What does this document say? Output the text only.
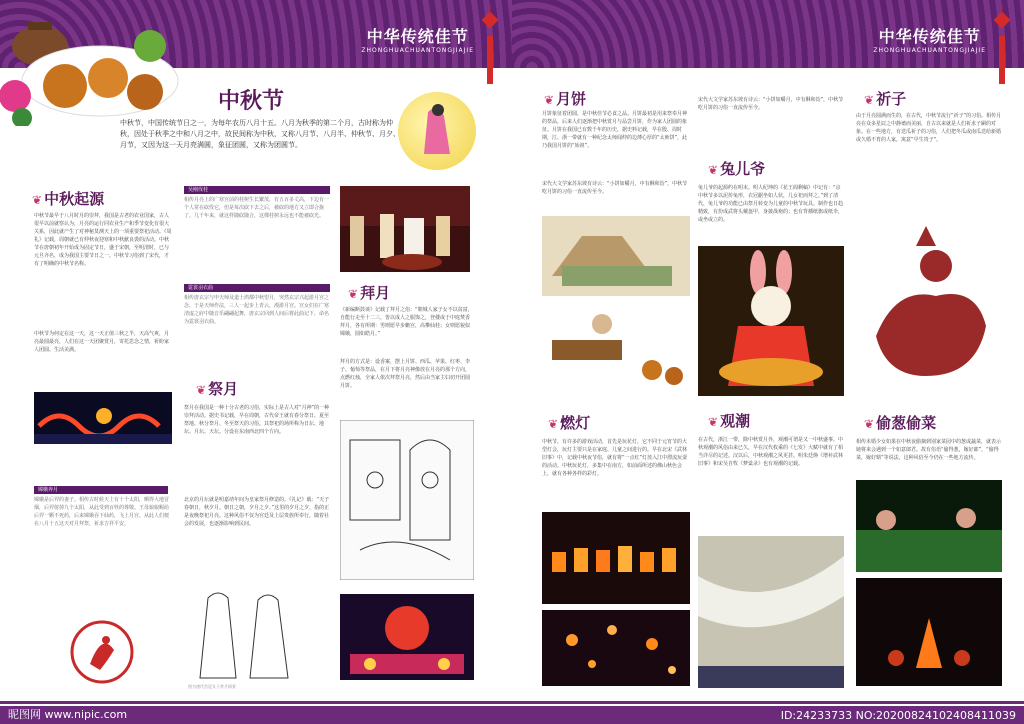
中华传统佳节
ZHONGHUACHUANTONGJIAJIE
中秋节
中秋节，中国传统节日之一，为每年农历八月十五。八月为秋季的第二个月，古时称为仲秋，因处于秋季之中和八月之中，故民间称为中秋，又称八月节、八月半、仲秋节、月夕、月节，又因为这一天月亮满圆，象征团圆，又称为团圆节。
❦ 中秋起源
中秋节最早于八月时月的崇拜，我国是古老的农业国家，古人很早以前就察认为，月亮的运行同农业生产和季节变化有很大关系，因此就产生了对神秘莫测天上的一项重要祭祀活动。《周礼》记载，周朝就已有仲秋夜迎寒和中秋献良裘的活动。中秋节在唐朝初年开始成为固定节日，盛于宋朝，至明清时，已与元旦齐名，成为我国主要节日之一。中秋节习俗到了宋代，才有了明确的中秋节名称。
中秋节为何定在这一天，这一天正值三秋之半，天高气爽，月亮最圆最亮，人们在这一天团聚赏月，寄托思念之情，祈盼家人团圆、生活美满。
嫦娥奔月
嫦娥是后羿的妻子。相传古时候天上有十个太阳，晒得大地冒烟，后羿射掉九个太阳，从此受到百姓的尊敬。王母娘娘赐给后羿一颗不死药，后来嫦娥吞下仙药，飞上月宫，从此人们便在八月十五这天对月拜祭，祈求吉祥平安。
吴刚伐桂
相传月亮上的广寒宫前的桂树生长繁茂，有五百多丈高，下边有一个人常在砍伐它，但是每次砍下去之后，被砍的地方又立即合拢了。几千年来，就这样随砍随合，这棵桂树永远也不能被砍光。
霓裳羽衣曲
相传唐玄宗与申天师及道士鸿都中秋望月，突然玄宗兴起游月宫之念，于是天师作法，三人一起步上青云，漫游月宫。宫女们在广寒清虚之府中随音乐翩翩起舞，唐玄宗回到人间后将此曲记下，命名为霓裳羽衣曲。
❦ 拜月
《新编断鼓谈》记载了拜月之俗：“朝城人家子女不以贫富，自能行走至十二三，皆以成人之服饰之，登楼或于中庭焚香拜月，各有所期：男则愿早步蟾宫，高攀仙桂；女则愿貌似嫦娥，圆如皓月。”
拜月的方式是：设香案，摆上月饼、西瓜、苹果、红枣、李子、葡萄等祭品，在月下将月亮神像放在月亮的那个方向，点燃红烛，全家人依次拜祭月亮，然后由当家主妇切开团圆月饼。
❦ 祭月
祭月在我国是一种十分古老的习俗，实际上是古人对“月神”的一种崇拜活动。据史书记载，早在周朝，古代帝王就有春分祭日、夏至祭地、秋分祭月、冬至祭天的习俗。其祭祀的场所称为日坛、地坛、月坛、天坛。分设在东南西北四个方向。
北京的月坛就是明嘉靖年间为皇家祭月修造的。《礼记》载：“天子春朝日，秋夕月。朝日之朝，夕月之夕。”这里的夕月之夕，指的正是夜晚祭祀月亮。这种风俗不仅为宫廷及上层贵族所奉行，随着社会的发展，也逐渐影响到民间。
图为唐代宫廷女子赏月情景
昵图网 www.nipic.com
中华传统佳节
ZHONGHUACHUANTONGJIAJIE
❦ 月饼
月饼象征着团圆，是中秋佳节必食之品。月饼最初是用来祭奉月神的祭品，后来人们逐渐把中秋赏月与品尝月饼，作为家人团圆的象征。月饼在我国已有数千年的历史，据史料记载，早在殷、周时期，江、浙一带就有一种纪念太师闻仲的边薄心厚的“太师饼”，此乃我国月饼的“始祖”。
宋代大文学家苏东坡有诗云：“小饼如嚼月，中有酥和饴”，中秋节吃月饼的习俗一直流传至今。
❦ 燃灯
中秋节，有许多的游戏活动，首先是玩花灯，它不同于元宵节的大型灯会，玩灯主要只是在家庭、儿童之间进行的。早在北宋《武林旧事》中，记载中秋夜节俗，就有将“一点红”灯放入江中漂流玩耍的活动。中秋玩花灯，多集中在南方，如前面所述的佛山秋色会上，就有各种各样的彩灯。
宋代大文学家苏东坡有诗云：“小饼如嚼月，中有酥和饴”，中秋节吃月饼的习俗一直流传至今。
❦ 兔儿爷
兔儿爷的起源约在明末。明人纪坤的《花王阁剩稿》中记有：“京中秋节多以泥抟兔形，衣冠踞坐如人状，儿女祀而拜之。”到了清代，兔儿爷的功能已由祭月转变为儿童的中秋节玩具。制作也日趋精致，有扮成武将头戴盔甲，身披战袍的；也有背插纸旗或纸伞，或坐或立的。
❦ 观潮
在古代，浙江一带，除中秋赏月外，观潮可谓是又一中秋盛事。中秋观潮的风俗由来已久，早在汉代枚乘的《七发》大赋中就有了相当详尽的记述。汉以后，中秋观潮之风更甚。明朱廷焕《增补武林旧事》和宋吴自牧《梦粱录》也有观潮的记载。
❦ 祈子
由于月亮圆满而生的，在古代，中秋节流行“祈子”的习俗。相传月亮在众多星辰之中静谧而美丽，自古以来就是人们祈求子嗣的对象。在一些地方，有送瓜祈子的习俗，人们把冬瓜或南瓜送给新婚或久婚不育的人家，寓意“早生贵子”。
❦ 偷葱偷菜
相传未婚少女如果在中秋夜偷摘到别家菜园中的葱或蔬菜，就表示她将来会遇到一个如意郎君。故有俗语“偷得葱，嫁好郎”，“偷得菜，嫁好婿”等说法，这种风俗至今仍在一些地方流传。
ID:24233733 NO:20200824102408411039
